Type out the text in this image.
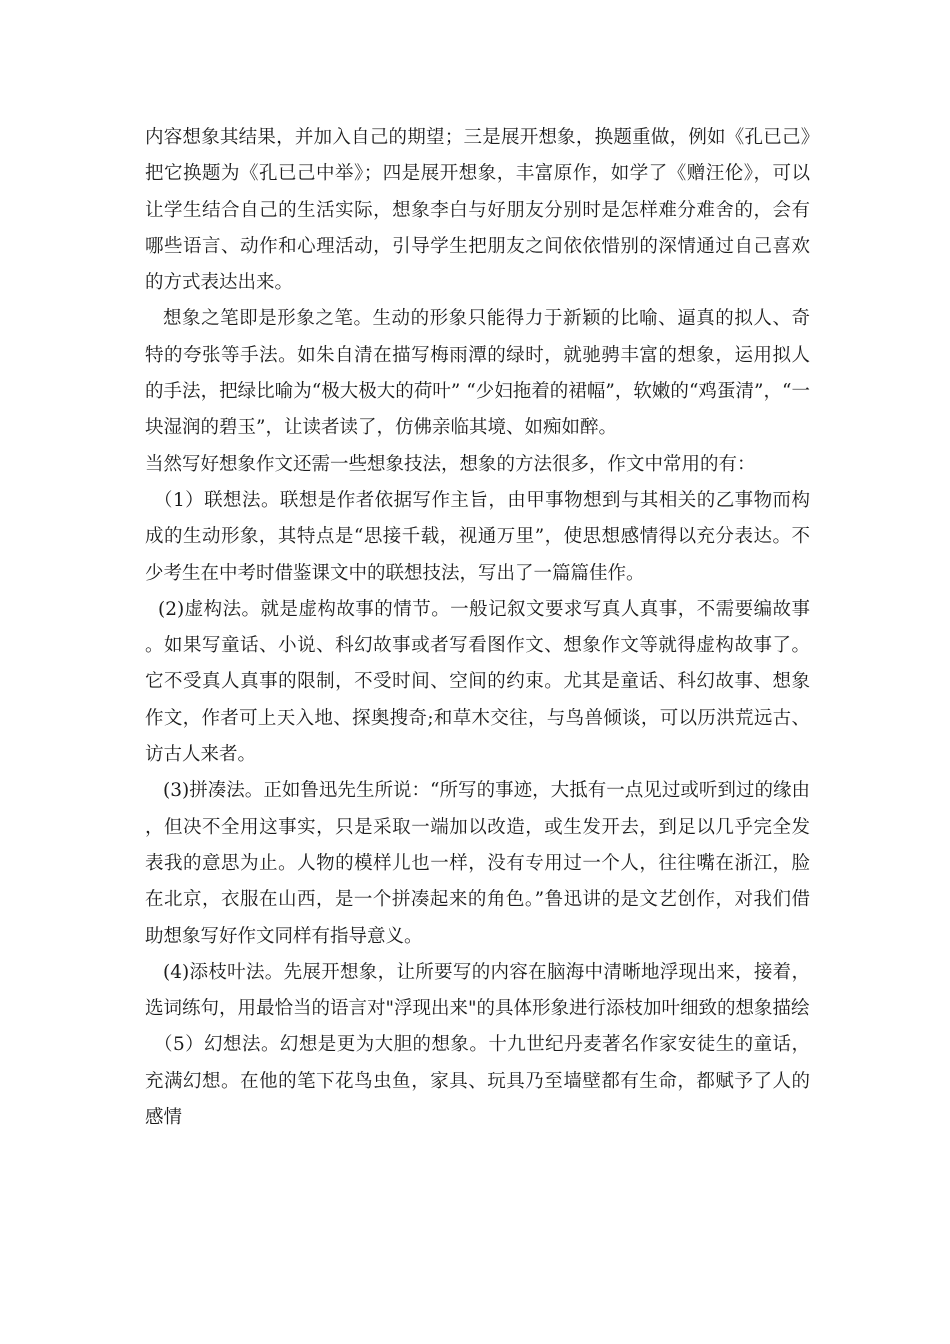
内容想象其结果，并加入自己的期望；三是展开想象，换题重做，例如《孔已己》把它换题为《孔已己中举》；四是展开想象，丰富原作，如学了《赠汪伦》，可以让学生结合自己的生活实际，想象李白与好朋友分别时是怎样难分难舍的，会有哪些语言、动作和心理活动，引导学生把朋友之间依依惜别的深情通过自己喜欢的方式表达出来。

想象之笔即是形象之笔。生动的形象只能得力于新颖的比喻、逼真的拟人、奇特的夸张等手法。如朱自清在描写梅雨潭的绿时，就驰骋丰富的想象，运用拟人的手法，把绿比喻为“极大极大的荷叶” “少妇拖着的裙幅”，软嫩的“鸡蛋清”，“一块湿润的碧玉”，让读者读了，仿佛亲临其境、如痴如醉。

当然写好想象作文还需一些想象技法，想象的方法很多，作文中常用的有：

（1）联想法。联想是作者依据写作主旨，由甲事物想到与其相关的乙事物而构成的生动形象，其特点是“思接千载，视通万里”，使思想感情得以充分表达。不少考生在中考时借鉴课文中的联想技法，写出了一篇篇佳作。

(2)虚构法。就是虚构故事的情节。一般记叙文要求写真人真事，不需要编故事。如果写童话、小说、科幻故事或者写看图作文、想象作文等就得虚构故事了。它不受真人真事的限制，不受时间、空间的约束。尤其是童话、科幻故事、想象作文，作者可上天入地、探奥搜奇;和草木交往，与鸟兽倾谈，可以历洪荒远古、访古人来者。

(3)拼凑法。正如鲁迅先生所说：“所写的事迹，大抵有一点见过或听到过的缘由，但决不全用这事实，只是采取一端加以改造，或生发开去，到足以几乎完全发表我的意思为止。人物的模样儿也一样，没有专用过一个人，往往嘴在浙江，脸在北京，衣服在山西，是一个拼凑起来的角色。”鲁迅讲的是文艺创作，对我们借助想象写好作文同样有指导意义。

(4)添枝叶法。先展开想象，让所要写的内容在脑海中清晰地浮现出来，接着，选词练句，用最恰当的语言对"浮现出来"的具体形象进行添枝加叶细致的想象描绘

（5）幻想法。幻想是更为大胆的想象。十九世纪丹麦著名作家安徒生的童话，充满幻想。在他的笔下花鸟虫鱼，家具、玩具乃至墙壁都有生命，都赋予了人的感情
